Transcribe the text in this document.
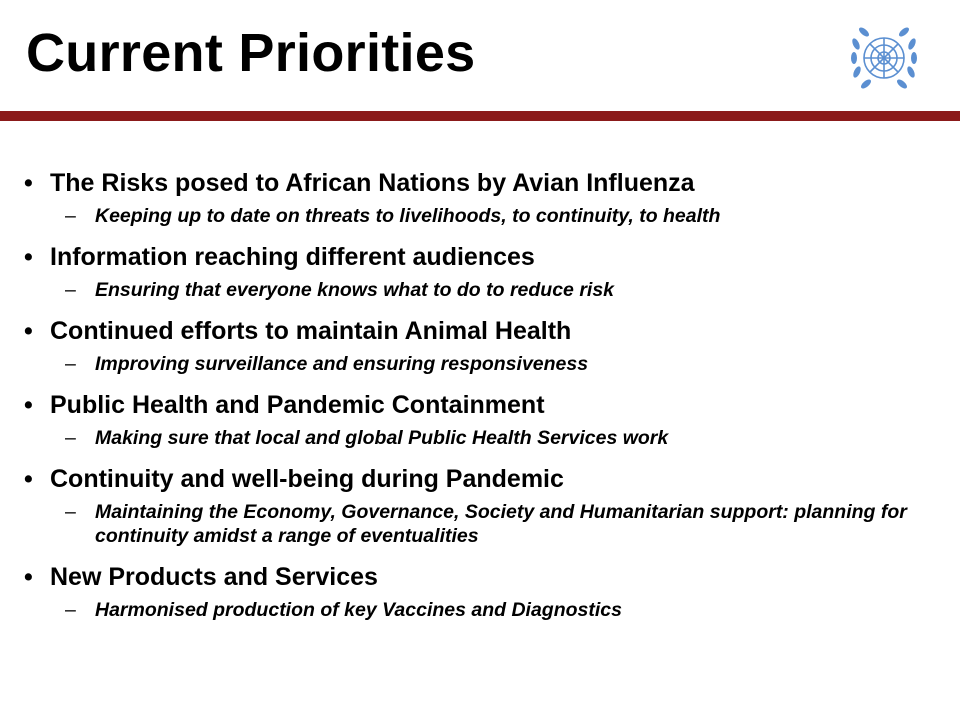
Current Priorities
• The Risks posed to African Nations by Avian Influenza
– Keeping up to date on threats to livelihoods, to continuity, to health
• Information reaching different audiences
– Ensuring that everyone knows what to do to reduce risk
• Continued efforts to maintain Animal Health
– Improving surveillance and ensuring responsiveness
• Public Health and Pandemic Containment
– Making sure that local and global Public Health Services work
• Continuity and well-being during Pandemic
– Maintaining the Economy, Governance, Society and Humanitarian support: planning for continuity amidst a range of eventualities
• New Products and Services
– Harmonised production of key Vaccines and Diagnostics
